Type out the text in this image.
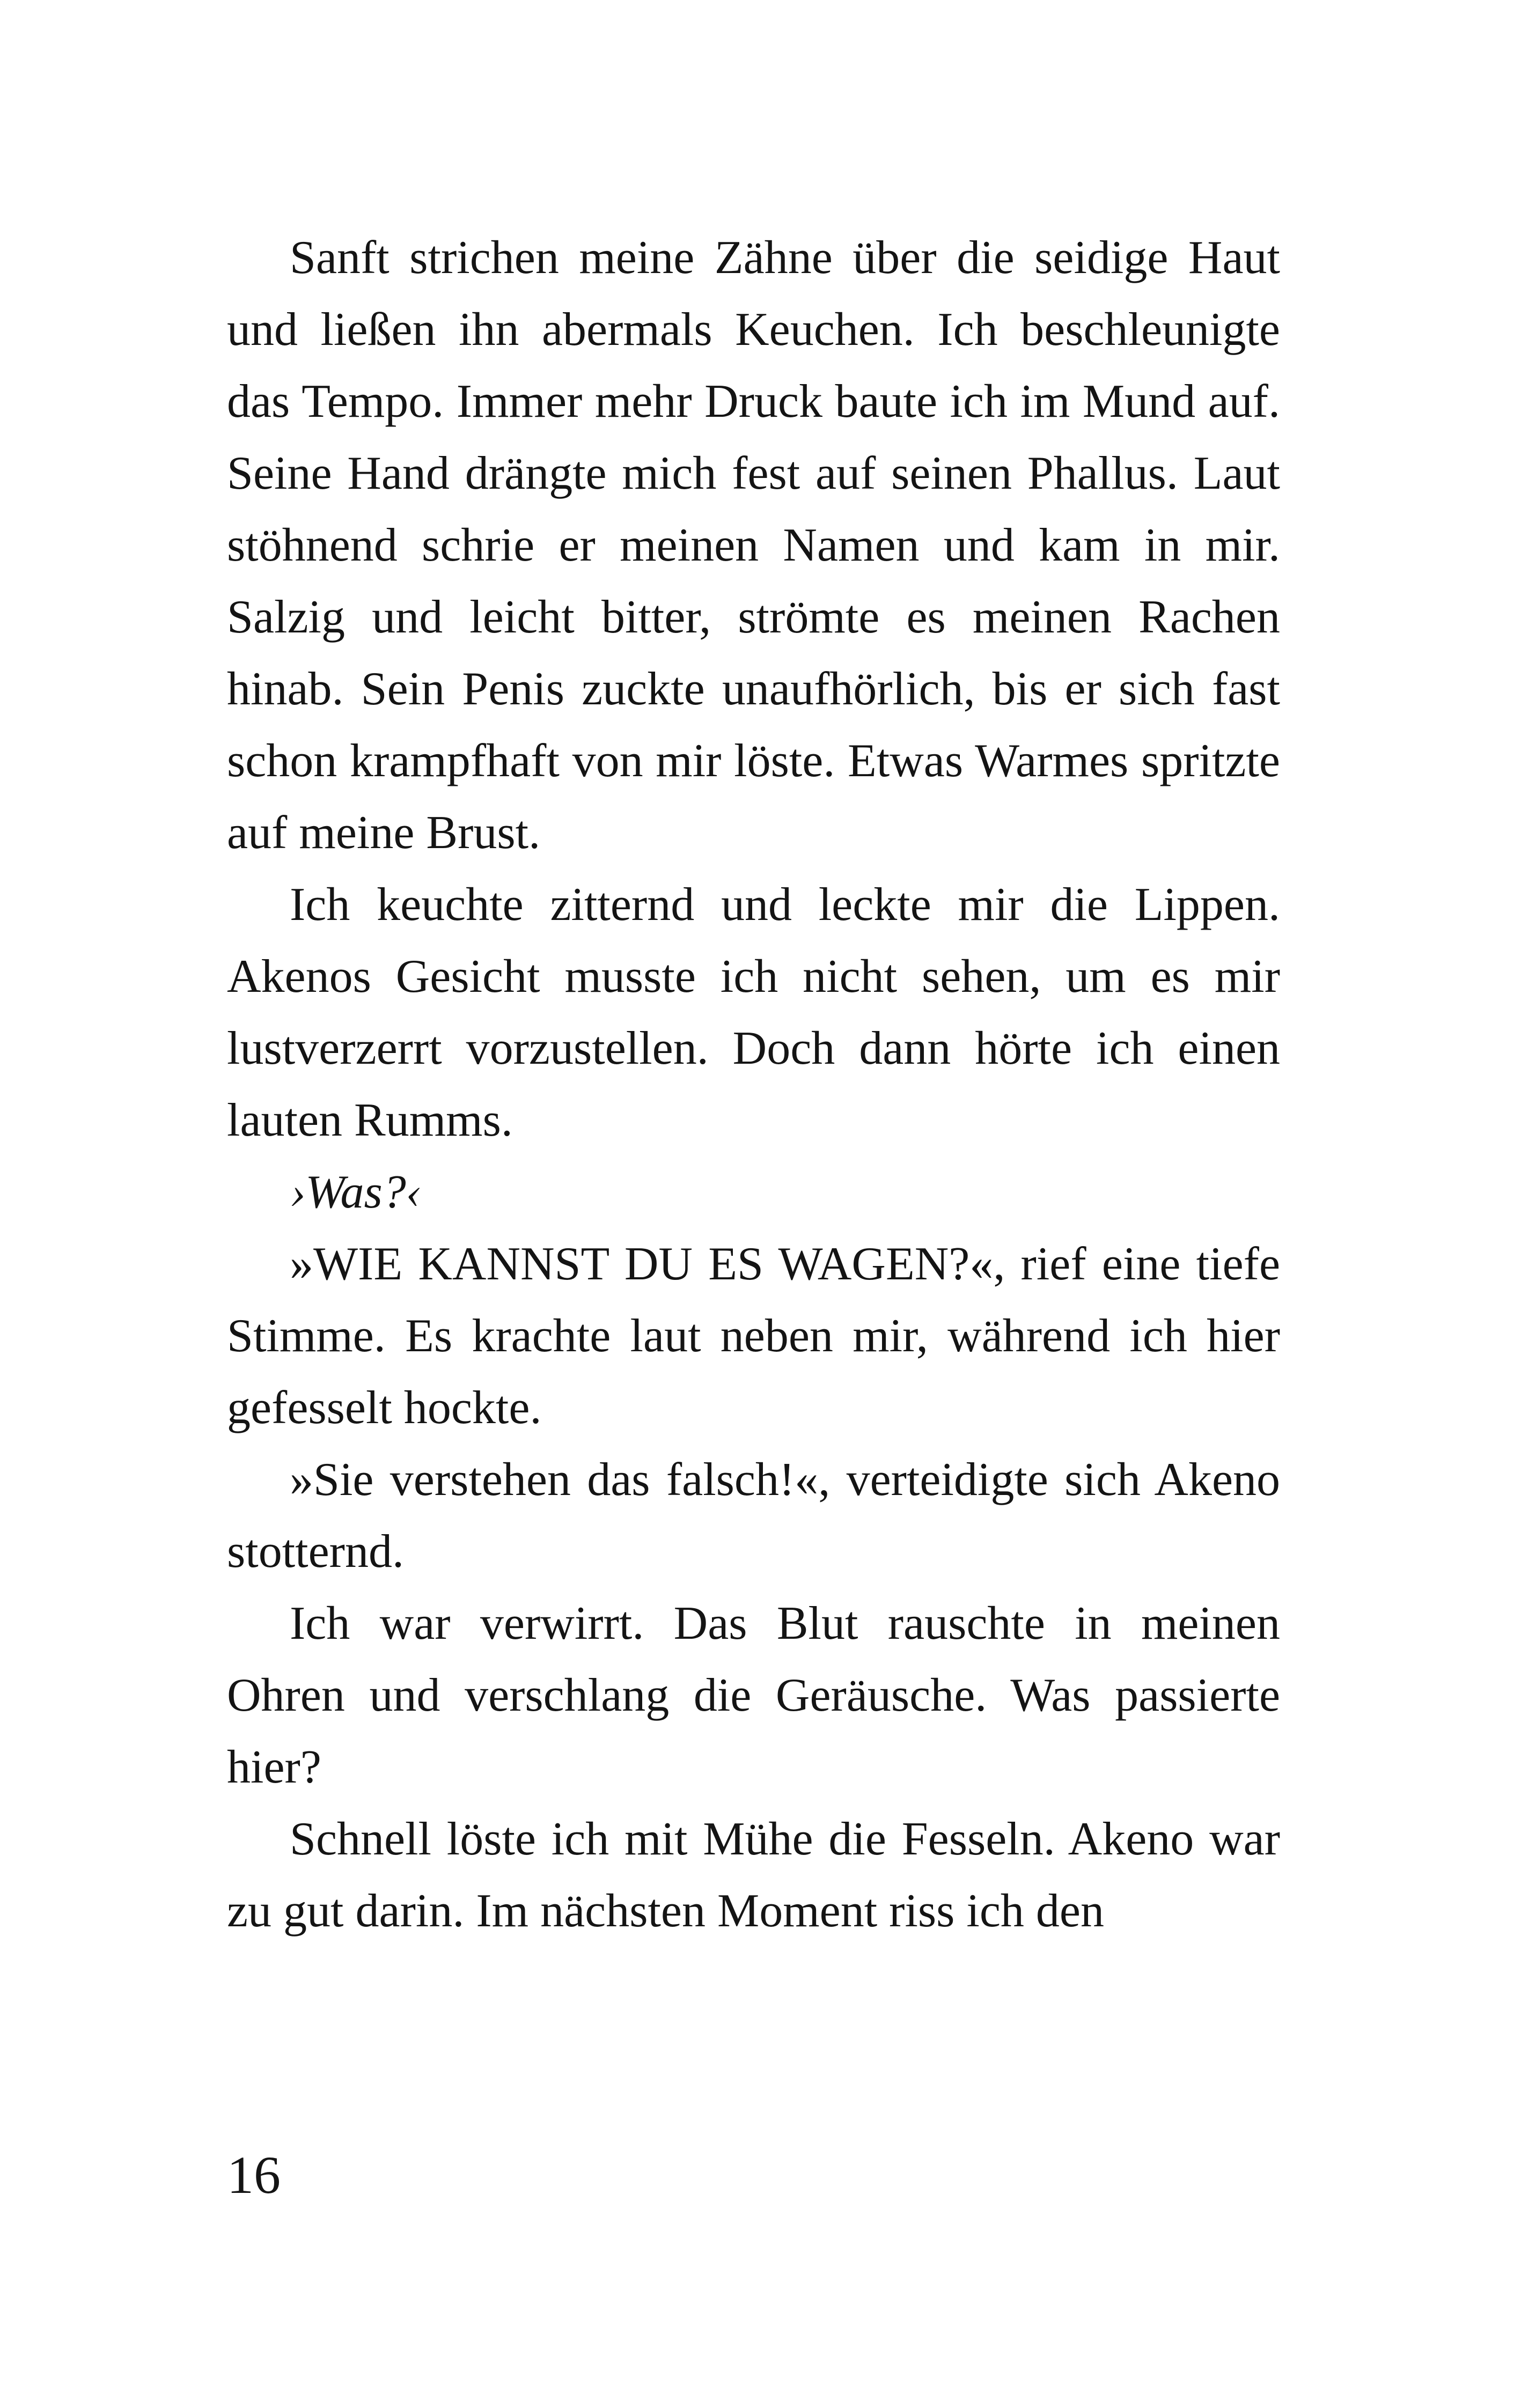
Sanft strichen meine Zähne über die seidige Haut und ließen ihn abermals Keuchen. Ich beschleunigte das Tempo. Immer mehr Druck baute ich im Mund auf. Seine Hand drängte mich fest auf seinen Phallus. Laut stöhnend schrie er meinen Namen und kam in mir. Salzig und leicht bitter, strömte es meinen Rachen hinab. Sein Penis zuckte unaufhörlich, bis er sich fast schon krampfhaft von mir löste. Etwas Warmes spritzte auf meine Brust.

Ich keuchte zitternd und leckte mir die Lippen. Akenos Gesicht musste ich nicht sehen, um es mir lustverzerrt vorzustellen. Doch dann hörte ich einen lauten Rumms.

›Was?‹

»WIE KANNST DU ES WAGEN?«, rief eine tiefe Stimme. Es krachte laut neben mir, während ich hier gefesselt hockte.

»Sie verstehen das falsch!«, verteidigte sich Akeno stotternd.

Ich war verwirrt. Das Blut rauschte in meinen Ohren und verschlang die Geräusche. Was passierte hier?

Schnell löste ich mit Mühe die Fesseln. Akeno war zu gut darin. Im nächsten Moment riss ich den

16
